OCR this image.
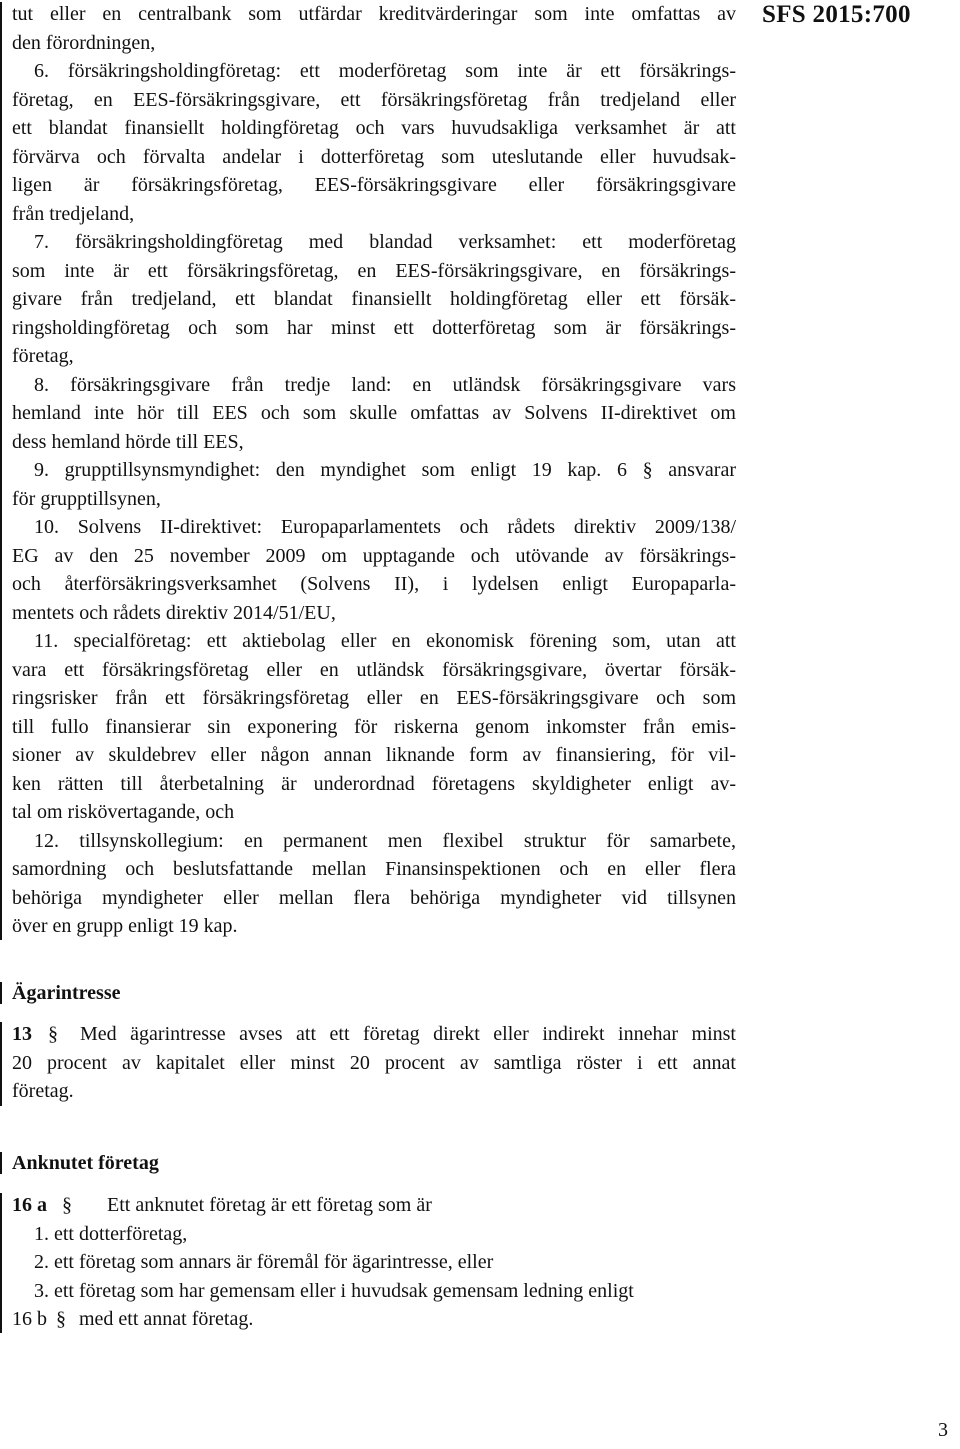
SFS 2015:700
tut eller en centralbank som utfärdar kreditvärderingar som inte omfattas av
den förordningen,
6. försäkringsholdingföretag: ett moderföretag som inte är ett försäkrings-
företag, en EES-försäkringsgivare, ett försäkringsföretag från tredjeland eller
ett blandat finansiellt holdingföretag och vars huvudsakliga verksamhet är att
förvärva och förvalta andelar i dotterföretag som uteslutande eller huvudsak-
ligen är försäkringsföretag, EES-försäkringsgivare eller försäkringsgivare
från tredjeland,
7. försäkringsholdingföretag med blandad verksamhet: ett moderföretag
som inte är ett försäkringsföretag, en EES-försäkringsgivare, en försäkrings-
givare från tredjeland, ett blandat finansiellt holdingföretag eller ett försäk-
ringsholdingföretag och som har minst ett dotterföretag som är försäkrings-
företag,
8. försäkringsgivare från tredje land: en utländsk försäkringsgivare vars
hemland inte hör till EES och som skulle omfattas av Solvens II-direktivet om
dess hemland hörde till EES,
9. grupptillsynsmyndighet: den myndighet som enligt 19 kap. 6 § ansvarar
för grupptillsynen,
10. Solvens II-direktivet: Europaparlamentets och rådets direktiv 2009/138/
EG av den 25 november 2009 om upptagande och utövande av försäkrings-
och återförsäkringsverksamhet (Solvens II), i lydelsen enligt Europaparla-
mentets och rådets direktiv 2014/51/EU,
11. specialföretag: ett aktiebolag eller en ekonomisk förening som, utan att
vara ett försäkringsföretag eller en utländsk försäkringsgivare, övertar försäk-
ringsrisker från ett försäkringsföretag eller en EES-försäkringsgivare och som
till fullo finansierar sin exponering för riskerna genom inkomster från emis-
sioner av skuldebrev eller någon annan liknande form av finansiering, för vil-
ken rätten till återbetalning är underordnad företagens skyldigheter enligt av-
tal om riskövertagande, och
12. tillsynskollegium: en permanent men flexibel struktur för samarbete,
samordning och beslutsfattande mellan Finansinspektionen och en eller flera
behöriga myndigheter eller mellan flera behöriga myndigheter vid tillsynen
över en grupp enligt 19 kap.
Ägarintresse
13 § Med ägarintresse avses att ett företag direkt eller indirekt innehar minst
20 procent av kapitalet eller minst 20 procent av samtliga röster i ett annat
företag.
Anknutet företag
16 a § Ett anknutet företag är ett företag som är
1. ett dotterföretag,
2. ett företag som annars är föremål för ägarintresse, eller
3. ett företag som har gemensam eller i huvudsak gemensam ledning enligt
16 b § med ett annat företag.
3
